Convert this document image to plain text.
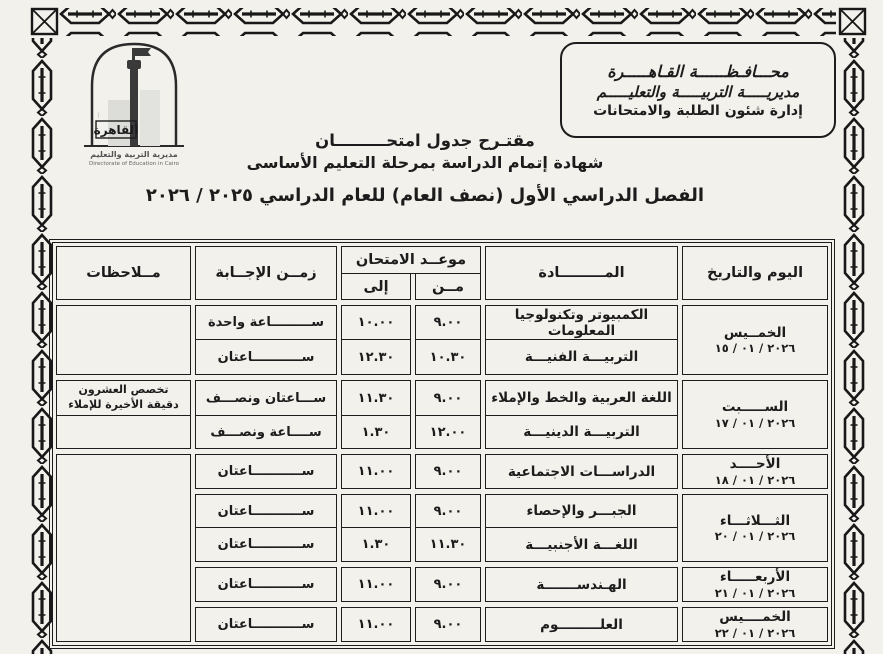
القاهرة
···
مديرية التربية والتعليم
Directorate of Education in Cairo
محـــافـظــــــة القـاهـــــرة
مديريـــــة التربيـــــة والتعليـــــم
إدارة شئون الطلبة والامتحانات
مقتـرح جدول امتحـــــــــان
شهادة إتمام الدراسة بمرحلة التعليم الأساسى
الفصل الدراسي الأول (نصف العام) للعام الدراسي ٢٠٢٥ / ٢٠٢٦
اليوم والتاريخ
المـــــــــادة
موعــد الامتحان
مــن
إلى
زمــن الإجــابة
مــلاحظات
الخمــيس
٢٠٢٦ / ٠١ / ١٥
الكمبيوتر وتكنولوجيا المعلومات
٩.٠٠
١٠.٠٠
ســـــــــاعة واحدة
التربيـــة الفنيـــة
١٠.٣٠
١٢.٣٠
ســـــــــــاعتان
الســـــبت
٢٠٢٦ / ٠١ / ١٧
اللغة العربية والخط والإملاء
٩.٠٠
١١.٣٠
ســـاعتان ونصـــف
تخصص العشرون دقيقة الأخيرة للإملاء
التربيـــة الدينيـــة
١٢.٠٠
١.٣٠
ســــاعة ونصـــف
الأحــــد
٢٠٢٦ / ٠١ / ١٨
الدراســـات الاجتماعية
٩.٠٠
١١.٠٠
ســـــــــــاعتان
الثـــلاثـــاء
٢٠٢٦ / ٠١ / ٢٠
الجبـــر والإحصاء
٩.٠٠
١١.٠٠
ســـــــــــاعتان
اللغـــة الأجنبيـــة
١١.٣٠
١.٣٠
ســـــــــــاعتان
الأربعـــــاء
٢٠٢٦ / ٠١ / ٢١
الهـندســـــــة
٩.٠٠
١١.٠٠
ســـــــــــاعتان
الخمــــيس
٢٠٢٦ / ٠١ / ٢٢
العلـــــــــوم
٩.٠٠
١١.٠٠
ســـــــــــاعتان
